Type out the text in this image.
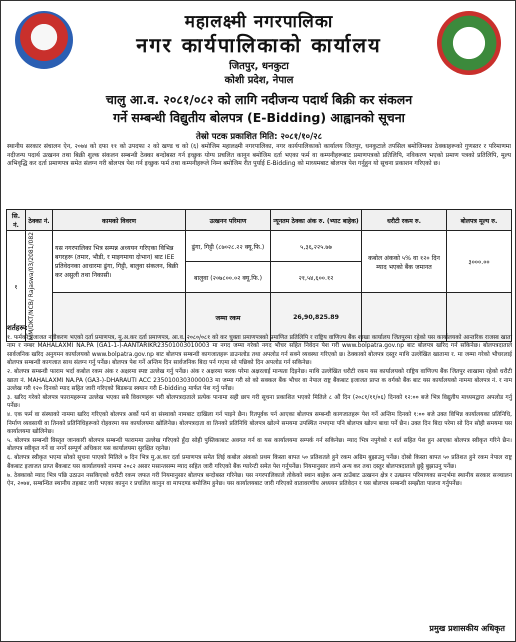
महालक्ष्मी नगरपालिका
नगर कार्यपालिकाको कार्यालय
जितपुर, धनकुटा
कोशी प्रदेश, नेपाल
चालु आ.व. २०८१/०८२ को लागि नदीजन्य पदार्थ बिक्री कर संकलन
गर्ने सम्बन्धी विद्युतीय बोलपत्र (E-Bidding) आह्वानको सूचना
तेस्रो पटक प्रकाशित मिति: २०८१/१०/२८
स्थानीय सरकार संचालन ऐन, २०७४ को दफा ११ को उपदफा २ को खण्ड च को (६) बमोजिम महालक्ष्मी नगरपालिका, नगर कार्यपालिकाको कार्यालय जितपुर, धनकुटाले तपसिल बमोजिमका ठेक्काहरूको गुणस्तर र परिमाणमा नदीजन्य पदार्थ उत्खनन तथा बिक्री शुल्क संकलन सम्बन्धी ठेक्का बन्दोबस्त गर्न इच्छुक योग्य प्रचलित कानुन बमोजिम दर्ता भएका फर्म वा कम्पनीहरूबाट प्रमाणपत्रको प्रतिलिपि, नविकरण भएको प्रमाण पत्रको प्रतिलिपि, मूल्य अभिवृद्धि कर दर्ता प्रमाणपत्र समेत संलग्न गरी बोलपत्र पेश गर्न इच्छुक फर्म तथा कम्पनीहरूले निम्न बमोजिम रीत पुर्याई E-Bidding को माध्यमबाट बोलपत्र पेश गर्नुहुन यो सूचना प्रकाशन गरिएको छ।
सि. नं.	ठेक्का नं.	कामको विवरण	उत्खनन परिमाण	न्यूनतम ठेक्का अंक रु. (भ्याट बाहेक)	धरौटी रकम रु.	बोलपत्र मूल्य रु.
१	MM/DKT/NCB/ Rajaswa/03/2081/082	यस नगरपालिका भित्र सम्पन्न अध्ययन गरिएका विभिन्न बगरहरू (तमार, भौडी, र माइगमाया दोभान) बाट IEE प्रतिवेदनका आधारमा ढुंगा, गिट्टी, बालुवा संकलन, बिक्री कर असुली तथा निकासी।	ढुंगा, गिट्टी (८७०२८.२२ क्यू.फि.)	५,३६,२२५.७७	कबोल अंकको ५% वा १२० दिन म्याद भएको बैंक जमानत	३०००.००
			बालुवा (२०७८००.०२ क्यू.फि.)	२१,५४,६००.१२		
			जम्मा रकम	26,90,825.89		
शर्तहरू:
१. फर्मको इजाजत नवीकरण भएको दर्ता प्रमाणपत्र, मु.अ.कर दर्ता प्रमाणपत्र, आ.व. २०८०/०८१ को कर चुक्ता प्रमाणपत्रको प्रमाणित प्रतिलिपि र राष्ट्रिय वाणिज्य बैंक शाखा कार्यालय जितपुरमा रहेको यस कार्यालयको आन्तरिक राजस्व खाता नाम र नम्बर MAHALAXMI NA.PA (GA1-1-)-AANTARIKR23501003010003 मा नगद जम्मा गरेको नगद भौचर सहित निवेदन पेश गरी www.bolpatra.gov.np बाट बोलपत्र खरिद गर्न सकिनेछ। बोलपत्रदाताले सार्वजनिक खरिद अनुगमन कार्यालयको www.bolpatra.gov.np बाट बोलपत्र सम्बन्धी कागजातहरू डाउनलोड तथा अपलोड गर्न सक्ने व्यवस्था गरिएको छ। ठेक्काको बोलपत्र दस्तुर माथि उल्लेखित खातामा र. मा जम्मा गरेको भौचरलाई बोलपत्र सम्बन्धी कागजात साथ संलग्न गर्नु पर्नेछ। बोलपत्र पेश गर्ने अन्तिम दिन सार्वजनिक बिदा पर्न गएमा सो पछिको दिन अपलोड गर्न सकिनेछ।
२. बोलपत्र सम्बन्धी फाराम भर्दा कबोल रकम अंक र अक्षरमा स्पष्ट उल्लेख गर्नु पर्नेछ। अंक र अक्षरमा फरक परेमा अक्षरलाई मान्यता दिइनेछ। माथि उल्लेखित धरौटी रकम यस कार्यालयको राष्ट्रिय वाणिज्य बैंक जितपुर शाखामा रहेको धरौटी खाता नं. MAHALAXMI NA.PA (GA3-)-DHARAUTI ACC 2350100303000003 मा जम्मा गरी सो को सक्कल बैंक भौचर वा नेपाल राष्ट्र बैंकबाट इजाजत प्राप्त क वर्गको बैंक बाट यस कार्यालयको नाममा बोलपत्र नं. र नाम उल्लेख गरी १२० दिनको म्याद सहित जारी गरिएको बिडबन्ड स्क्यान गरी E-bidding मार्फत पेश गर्नु पर्नेछ।
३. खरिद गरेको बोलपत्र फारामहरूमा उल्लेख भएका सबै विवरणहरू भरी बोलपत्रदाताले प्रत्येक पानामा सही छाप गरी सूचना प्रकाशित भएको मितिले ८ औं दिन (२०८१/११/०६) दिनको १२:०० बजे भित्र विद्युतीय माध्यमद्वारा अपलोड गर्नु पर्नेछ।
४. एक फर्म वा संस्थाको नाममा खरिद गरिएको बोलपत्र अर्को फर्म वा संस्थाको नामबाट दाखिला गर्न पाइने छैन। रितपूर्वक पर्न आएका बोलपत्र सम्बन्धी कागजातहरू पेश गर्ने अन्तिम दिनको १:०० बजे उक्त विभिन्न कार्यालयका प्रतिनिधि, निर्माण व्यवसायी वा तिनको प्रतिनिधिहरूको रोहवरमा यस कार्यालयमा खोलिनेछ। बोलपत्रदाता वा तिनको प्रतिनिधि बोलपत्र खोल्ने समयमा उपस्थित नभएमा पनि बोलपत्र खोल्न बाधा पर्ने छैन। उक्त दिन बिदा परेमा सो दिन सोही समयमा यस कार्यालयमा खोलिनेछ।
५. बोलपत्र सम्बन्धी विस्तृत जानकारी बोलपत्र सम्बन्धी फाराममा उल्लेख गरिएको हुँदा सोही पुस्तिकाबाट अवगत गर्न वा यस कार्यालयमा सम्पर्क गर्न सकिनेछ। म्याद भित्र नपुगेको र शर्त सहित पेश हुन आएका बोलपत्र स्वीकृत गरिने छैन। बोलपत्र स्वीकृत गर्ने वा नगर्ने सम्पूर्ण अधिकार यस कार्यालयमा सुरक्षित रहनेछ।
६. बोलपत्र स्वीकृत भएमा सोको सूचना पाएको मितिले ७ दिन भित्र मु.अ.कर दर्ता प्रमाणपत्र समेत लिई कबोल अंकको प्रथम किस्ता बापत ५० प्रतिशतले हुने रकम अग्रिम बुझाउनु पर्नेछ। दोस्रो किस्ता बापत ५० प्रतिशत हुने रकम नेपाल राष्ट्र बैंकबाट इजाजत प्राप्त बैंकबाट यस कार्यालयको नाममा २०८२ असार मसान्तसम्म म्याद सहित जारी गरिएको बैंक ग्यारेन्टी समेत पेश गर्नुपर्नेछ। नियमानुसार लाग्ने अन्य कर तथा दस्तुर बोलपत्रदाताले छुट्टै बुझाउनु पर्नेछ।
७. ठेक्काको म्याद भित्र पछि उठाउन नसकिएको धरौटी रकम जफत गरी नियमानुसार बोलपत्र बन्दोबस्त गरिनेछ। यस नगरपालिकाले तोकेको स्थान बाहेक अन्य ठाउँबाट उत्खनन क्षेत्र र उत्खनन परिमाणका सन्दर्भमा स्थानीय सरकार सञ्चालन ऐन, २०७४, सम्बन्धित स्थानीय तहबाट जारी भएका कानुन र प्रचलित कानुन वा मापदण्ड बमोजिम हुनेछ। यस कार्यालयबाट जारी गरिएको वातावरणीय अध्ययन प्रतिवेदन र यस बोलपत्र सम्बन्धी सम्झौता पालना गर्नुपर्नेछ।
प्रमुख प्रशासकीय अधिकृत
